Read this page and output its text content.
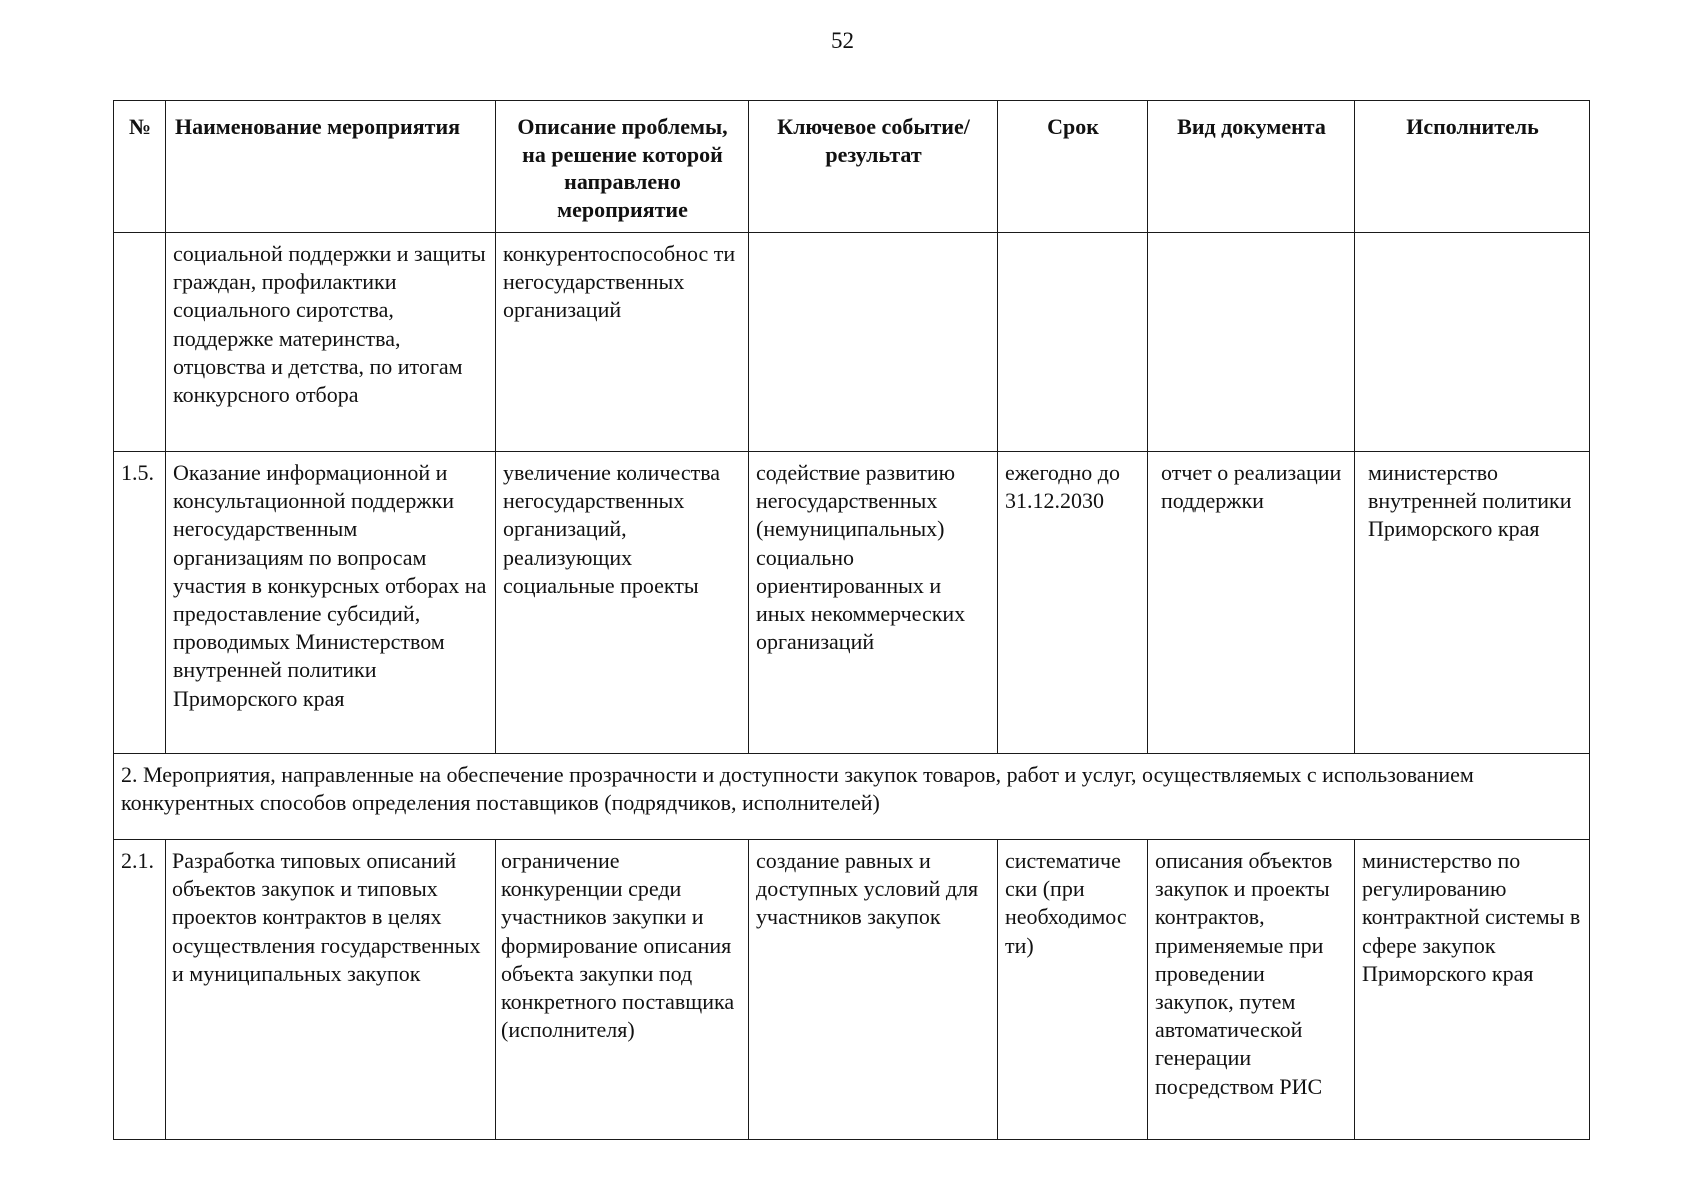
52
№	Наименование мероприятия	Описание проблемы, на решение которой направлено мероприятие	Ключевое событие/результат	Срок	Вид документа	Исполнитель
	социальной поддержки и защиты граждан, профилактики социального сиротства, поддержке материнства, отцовства и детства, по итогам конкурсного отбора	конкурентоспособнос ти негосударственных организаций				
1.5.	Оказание информационной и консультационной поддержки негосударственным организациям по вопросам участия в конкурсных отборах на предоставление субсидий, проводимых Министерством внутренней политики Приморского края	увеличение количества негосударственных организаций, реализующих социальные проекты	содействие развитию негосударственных (немуниципальных) социально ориентированных и иных некоммерческих организаций	ежегодно до 31.12.2030	отчет о реализации поддержки	министерство внутренней политики Приморского края
2. Мероприятия, направленные на обеспечение прозрачности и доступности закупок товаров, работ и услуг, осуществляемых с использованием конкурентных способов определения поставщиков (подрядчиков, исполнителей)						
2.1.	Разработка типовых описаний объектов закупок и типовых проектов контрактов в целях осуществления государственных и муниципальных закупок	ограничение конкуренции среди участников закупки и формирование описания объекта закупки под конкретного поставщика (исполнителя)	создание равных и доступных условий для участников закупок	систематиче ски (при необходимос ти)	описания объектов закупок и проекты контрактов, применяемые при проведении закупок, путем автоматической генерации посредством РИС	министерство по регулированию контрактной системы в сфере закупок Приморского края
